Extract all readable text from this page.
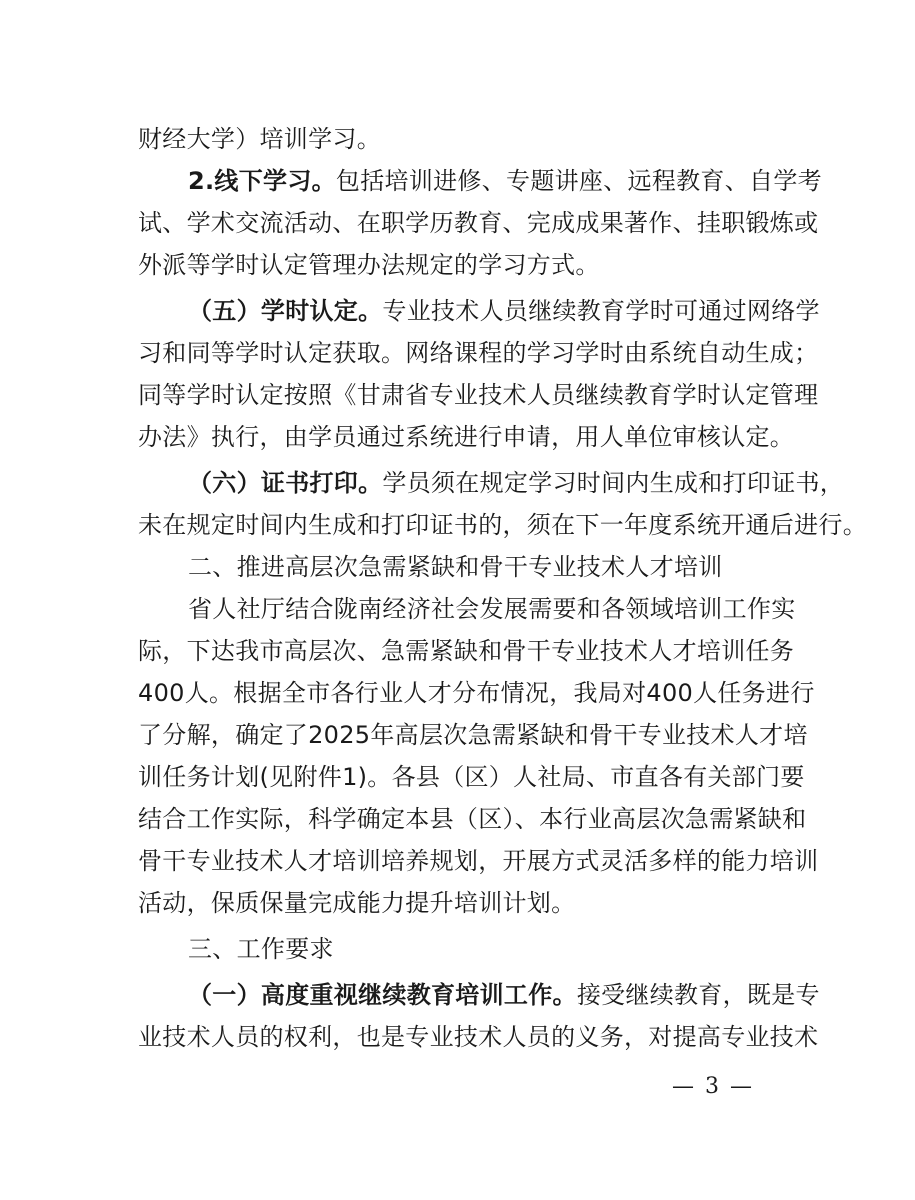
财经大学）培训学习。
2.线下学习。包括培训进修、专题讲座、远程教育、自学考
试、学术交流活动、在职学历教育、完成成果著作、挂职锻炼或
外派等学时认定管理办法规定的学习方式。
（五）学时认定。专业技术人员继续教育学时可通过网络学
习和同等学时认定获取。网络课程的学习学时由系统自动生成；
同等学时认定按照《甘肃省专业技术人员继续教育学时认定管理
办法》执行，由学员通过系统进行申请，用人单位审核认定。
（六）证书打印。学员须在规定学习时间内生成和打印证书，
未在规定时间内生成和打印证书的，须在下一年度系统开通后进行。
二、推进高层次急需紧缺和骨干专业技术人才培训
省人社厅结合陇南经济社会发展需要和各领域培训工作实
际，下达我市高层次、急需紧缺和骨干专业技术人才培训任务
400人。根据全市各行业人才分布情况，我局对400人任务进行
了分解，确定了2025年高层次急需紧缺和骨干专业技术人才培
训任务计划(见附件1)。各县（区）人社局、市直各有关部门要
结合工作实际，科学确定本县（区）、本行业高层次急需紧缺和
骨干专业技术人才培训培养规划，开展方式灵活多样的能力培训
活动，保质保量完成能力提升培训计划。
三、工作要求
（一）高度重视继续教育培训工作。接受继续教育，既是专
业技术人员的权利，也是专业技术人员的义务，对提高专业技术
— 3 —
